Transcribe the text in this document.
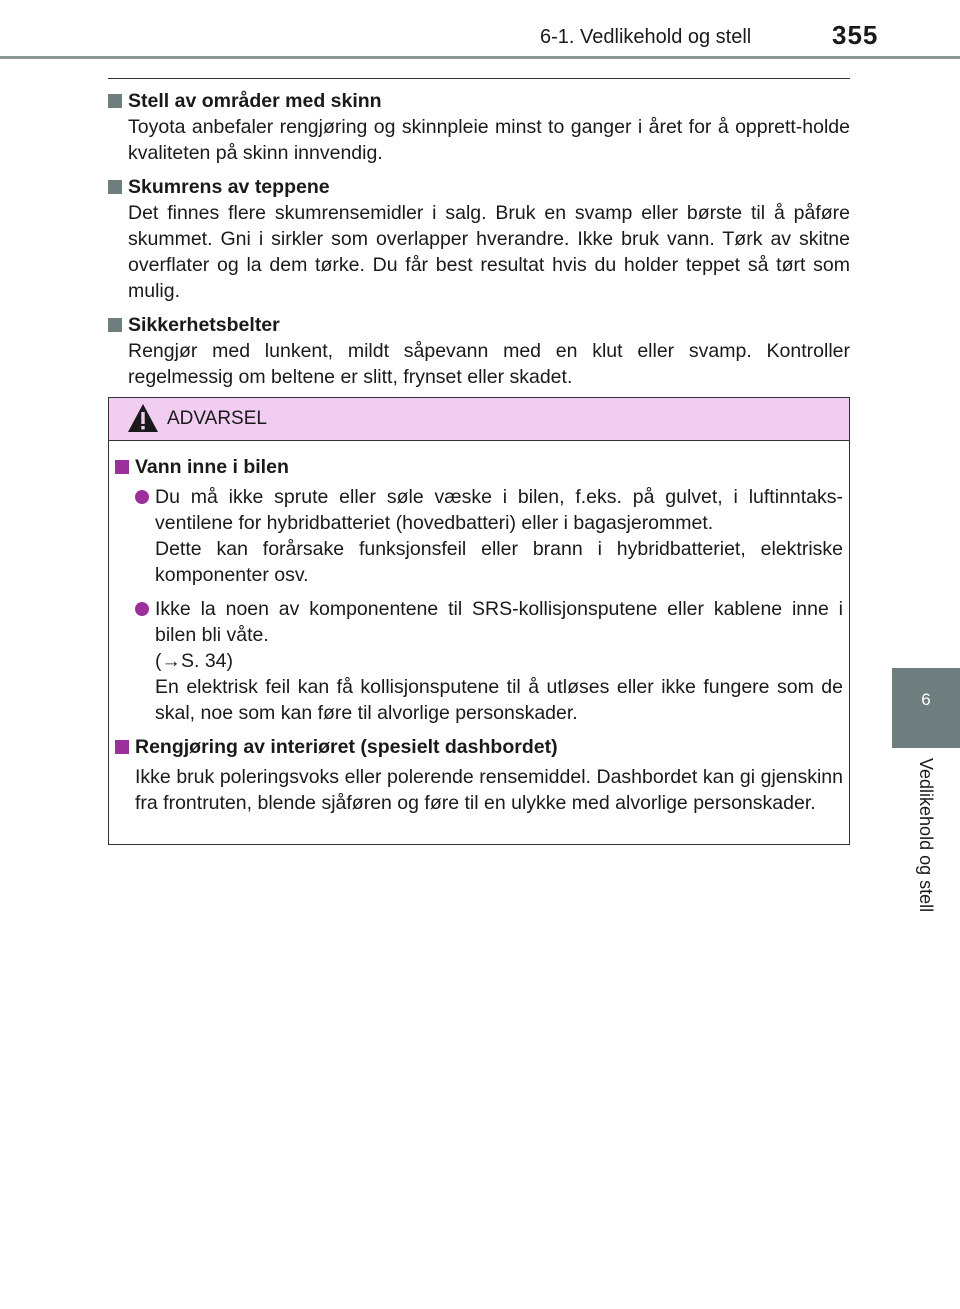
6-1. Vedlikehold og stell	355
6
Vedlikehold og stell
Stell av områder med skinn
Toyota anbefaler rengjøring og skinnpleie minst to ganger i året for å opprett-holde kvaliteten på skinn innvendig.
Skumrens av teppene
Det finnes flere skumrensemidler i salg. Bruk en svamp eller børste til å påføre skummet. Gni i sirkler som overlapper hverandre. Ikke bruk vann. Tørk av skitne overflater og la dem tørke. Du får best resultat hvis du holder teppet så tørt som mulig.
Sikkerhetsbelter
Rengjør med lunkent, mildt såpevann med en klut eller svamp. Kontroller regelmessig om beltene er slitt, frynset eller skadet.
ADVARSEL
Vann inne i bilen
Du må ikke sprute eller søle væske i bilen, f.eks. på gulvet, i luftinntaks-ventilene for hybridbatteriet (hovedbatteri) eller i bagasjerommet.
Dette kan forårsake funksjonsfeil eller brann i hybridbatteriet, elektriske komponenter osv.
Ikke la noen av komponentene til SRS-kollisjonsputene eller kablene inne i bilen bli våte.
(→S. 34)
En elektrisk feil kan få kollisjonsputene til å utløses eller ikke fungere som de skal, noe som kan føre til alvorlige personskader.
Rengjøring av interiøret (spesielt dashbordet)
Ikke bruk poleringsvoks eller polerende rensemiddel. Dashbordet kan gi gjenskinn fra frontruten, blende sjåføren og føre til en ulykke med alvorlige personskader.
